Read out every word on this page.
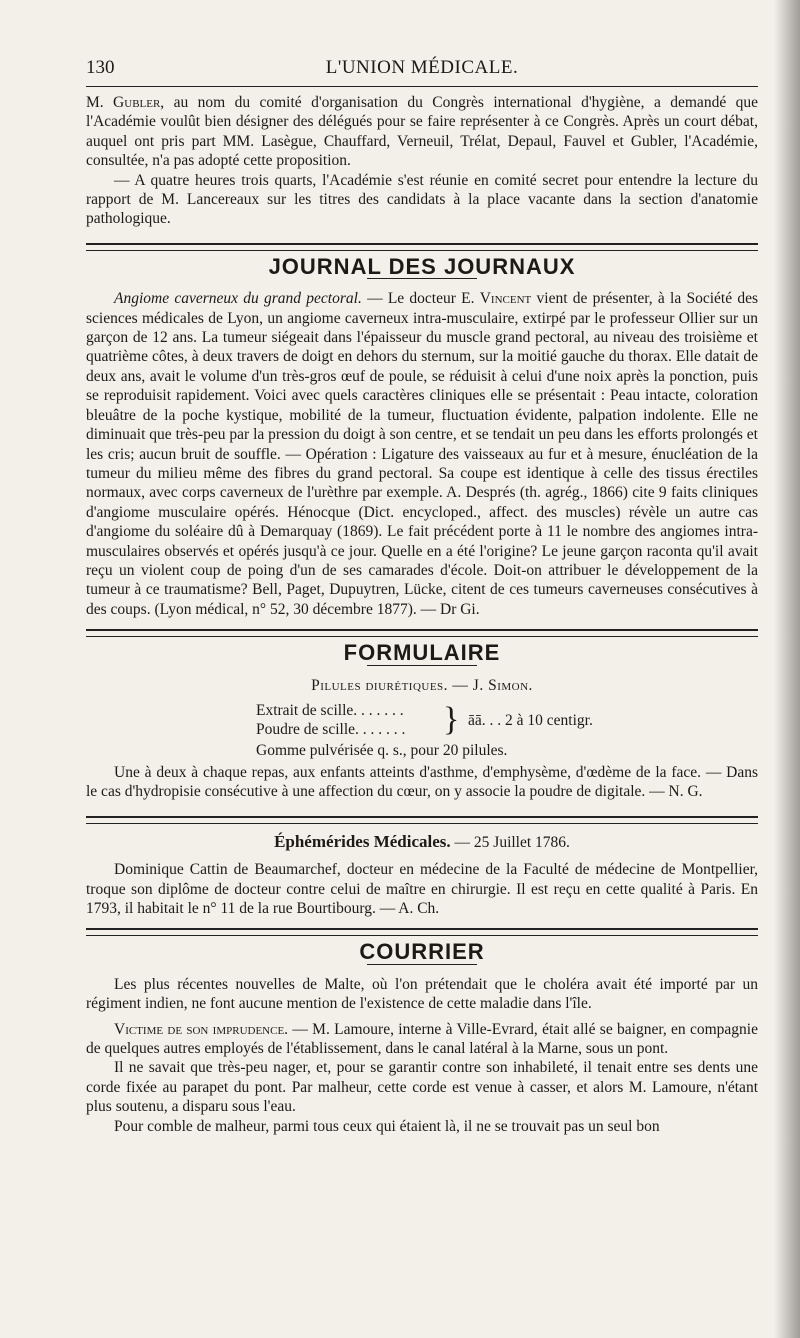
130	L'UNION MÉDICALE.

M. Gubler, au nom du comité d'organisation du Congrès international d'hygiène, a demandé que l'Académie voulût bien désigner des délégués pour se faire représenter à ce Congrès. Après un court débat, auquel ont pris part MM. Lasègue, Chauffard, Verneuil, Trélat, Depaul, Fauvel et Gubler, l'Académie, consultée, n'a pas adopté cette proposition.

— A quatre heures trois quarts, l'Académie s'est réunie en comité secret pour entendre la lecture du rapport de M. Lancereaux sur les titres des candidats à la place vacante dans la section d'anatomie pathologique.

JOURNAL DES JOURNAUX

Angiome caverneux du grand pectoral. — Le docteur E. Vincent vient de présenter, à la Société des sciences médicales de Lyon, un angiome caverneux intra-musculaire, extirpé par le professeur Ollier sur un garçon de 12 ans. La tumeur siégeait dans l'épaisseur du muscle grand pectoral, au niveau des troisième et quatrième côtes, à deux travers de doigt en dehors du sternum, sur la moitié gauche du thorax. Elle datait de deux ans, avait le volume d'un très-gros œuf de poule, se réduisit à celui d'une noix après la ponction, puis se reproduisit rapidement. Voici avec quels caractères cliniques elle se présentait : Peau intacte, coloration bleuâtre de la poche kystique, mobilité de la tumeur, fluctuation évidente, palpation indolente. Elle ne diminuait que très-peu par la pression du doigt à son centre, et se tendait un peu dans les efforts prolongés et les cris; aucun bruit de souffle. — Opération : Ligature des vaisseaux au fur et à mesure, énucléation de la tumeur du milieu même des fibres du grand pectoral. Sa coupe est identique à celle des tissus érectiles normaux, avec corps caverneux de l'urèthre par exemple. A. Després (th. agrég., 1866) cite 9 faits cliniques d'angiome musculaire opérés. Hénocque (Dict. encycloped., affect. des muscles) révèle un autre cas d'angiome du soléaire dû à Demarquay (1869). Le fait précédent porte à 11 le nombre des angiomes intra-musculaires observés et opérés jusqu'à ce jour. Quelle en a été l'origine? Le jeune garçon raconta qu'il avait reçu un violent coup de poing d'un de ses camarades d'école. Doit-on attribuer le développement de la tumeur à ce traumatisme? Bell, Paget, Dupuytren, Lücke, citent de ces tumeurs caverneuses consécutives à des coups. (Lyon médical, n° 52, 30 décembre 1877). — Dr Gi.

FORMULAIRE
Pilules diurétiques. — J. Simon.
Extrait de scille. . . . . . .
Poudre de scille. . . . . . . } āā. . . 2 à 10 centigr.
Gomme pulvérisée q. s., pour 20 pilules.

Une à deux à chaque repas, aux enfants atteints d'asthme, d'emphysème, d'œdème de la face. — Dans le cas d'hydropisie consécutive à une affection du cœur, on y associe la poudre de digitale. — N. G.

Éphémérides Médicales. — 25 Juillet 1786.

Dominique Cattin de Beaumarchef, docteur en médecine de la Faculté de médecine de Montpellier, troque son diplôme de docteur contre celui de maître en chirurgie. Il est reçu en cette qualité à Paris. En 1793, il habitait le n° 11 de la rue Bourtibourg. — A. Ch.

COURRIER

Les plus récentes nouvelles de Malte, où l'on prétendait que le choléra avait été importé par un régiment indien, ne font aucune mention de l'existence de cette maladie dans l'île.

Victime de son imprudence. — M. Lamoure, interne à Ville-Evrard, était allé se baigner, en compagnie de quelques autres employés de l'établissement, dans le canal latéral à la Marne, sous un pont.

Il ne savait que très-peu nager, et, pour se garantir contre son inhabileté, il tenait entre ses dents une corde fixée au parapet du pont. Par malheur, cette corde est venue à casser, et alors M. Lamoure, n'étant plus soutenu, a disparu sous l'eau.

Pour comble de malheur, parmi tous ceux qui étaient là, il ne se trouvait pas un seul bon
